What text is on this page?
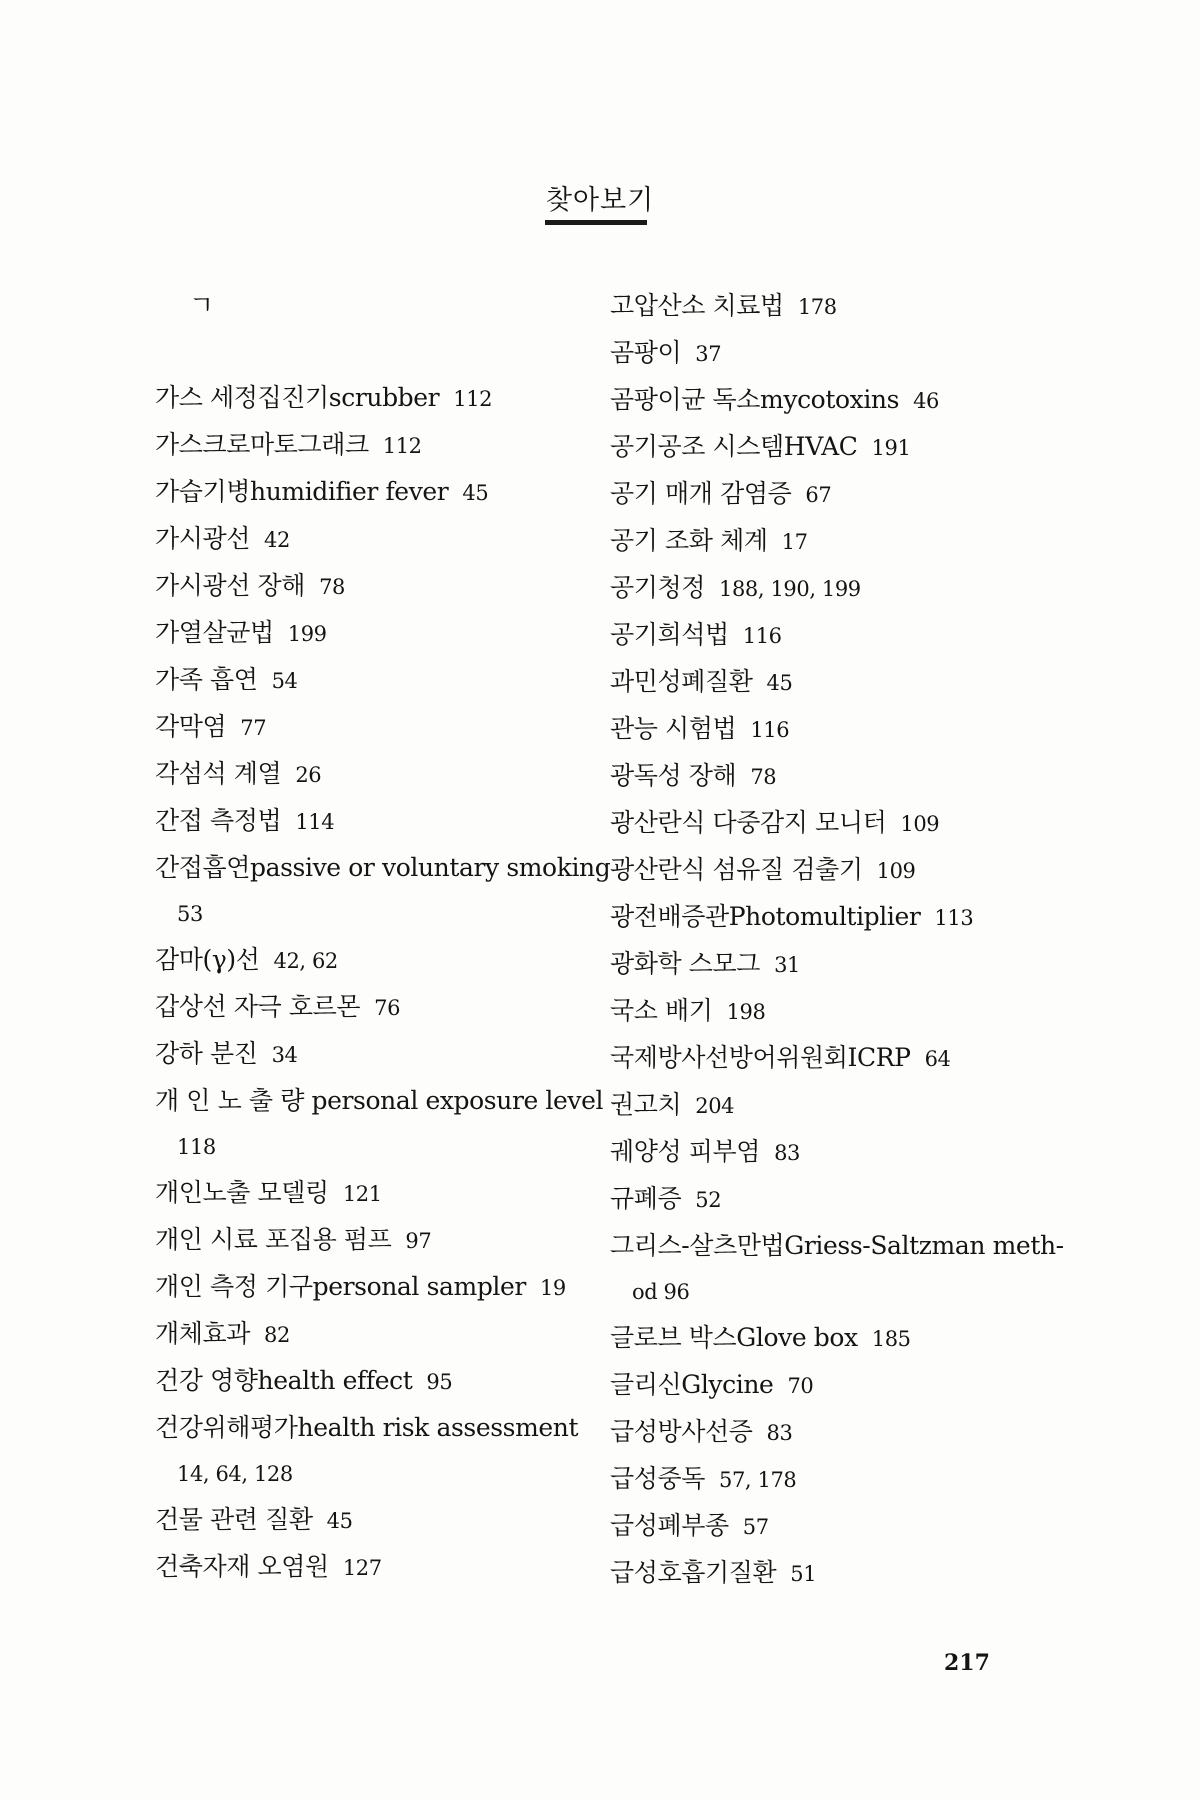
찾아보기
ㄱ
가스 세정집진기scrubber 112
가스크로마토그래크 112
가습기병humidifier fever 45
가시광선 42
가시광선 장해 78
가열살균법 199
가족 흡연 54
각막염 77
각섬석 계열 26
간접 측정법 114
간접흡연passive or voluntary smoking
53
감마(γ)선 42, 62
갑상선 자극 호르몬 76
강하 분진 34
개 인 노 출 량 personal exposure level
118
개인노출 모델링 121
개인 시료 포집용 펌프 97
개인 측정 기구personal sampler 19
개체효과 82
건강 영향health effect 95
건강위해평가health risk assessment
14, 64, 128
건물 관련 질환 45
건축자재 오염원 127
고압산소 치료법 178
곰팡이 37
곰팡이균 독소mycotoxins 46
공기공조 시스템HVAC 191
공기 매개 감염증 67
공기 조화 체계 17
공기청정 188, 190, 199
공기희석법 116
과민성폐질환 45
관능 시험법 116
광독성 장해 78
광산란식 다중감지 모니터 109
광산란식 섬유질 검출기 109
광전배증관Photomultiplier 113
광화학 스모그 31
국소 배기 198
국제방사선방어위원회ICRP 64
권고치 204
궤양성 피부염 83
규폐증 52
그리스-살츠만법Griess-Saltzman meth-
od 96
글로브 박스Glove box 185
글리신Glycine 70
급성방사선증 83
급성중독 57, 178
급성폐부종 57
급성호흡기질환 51
217
